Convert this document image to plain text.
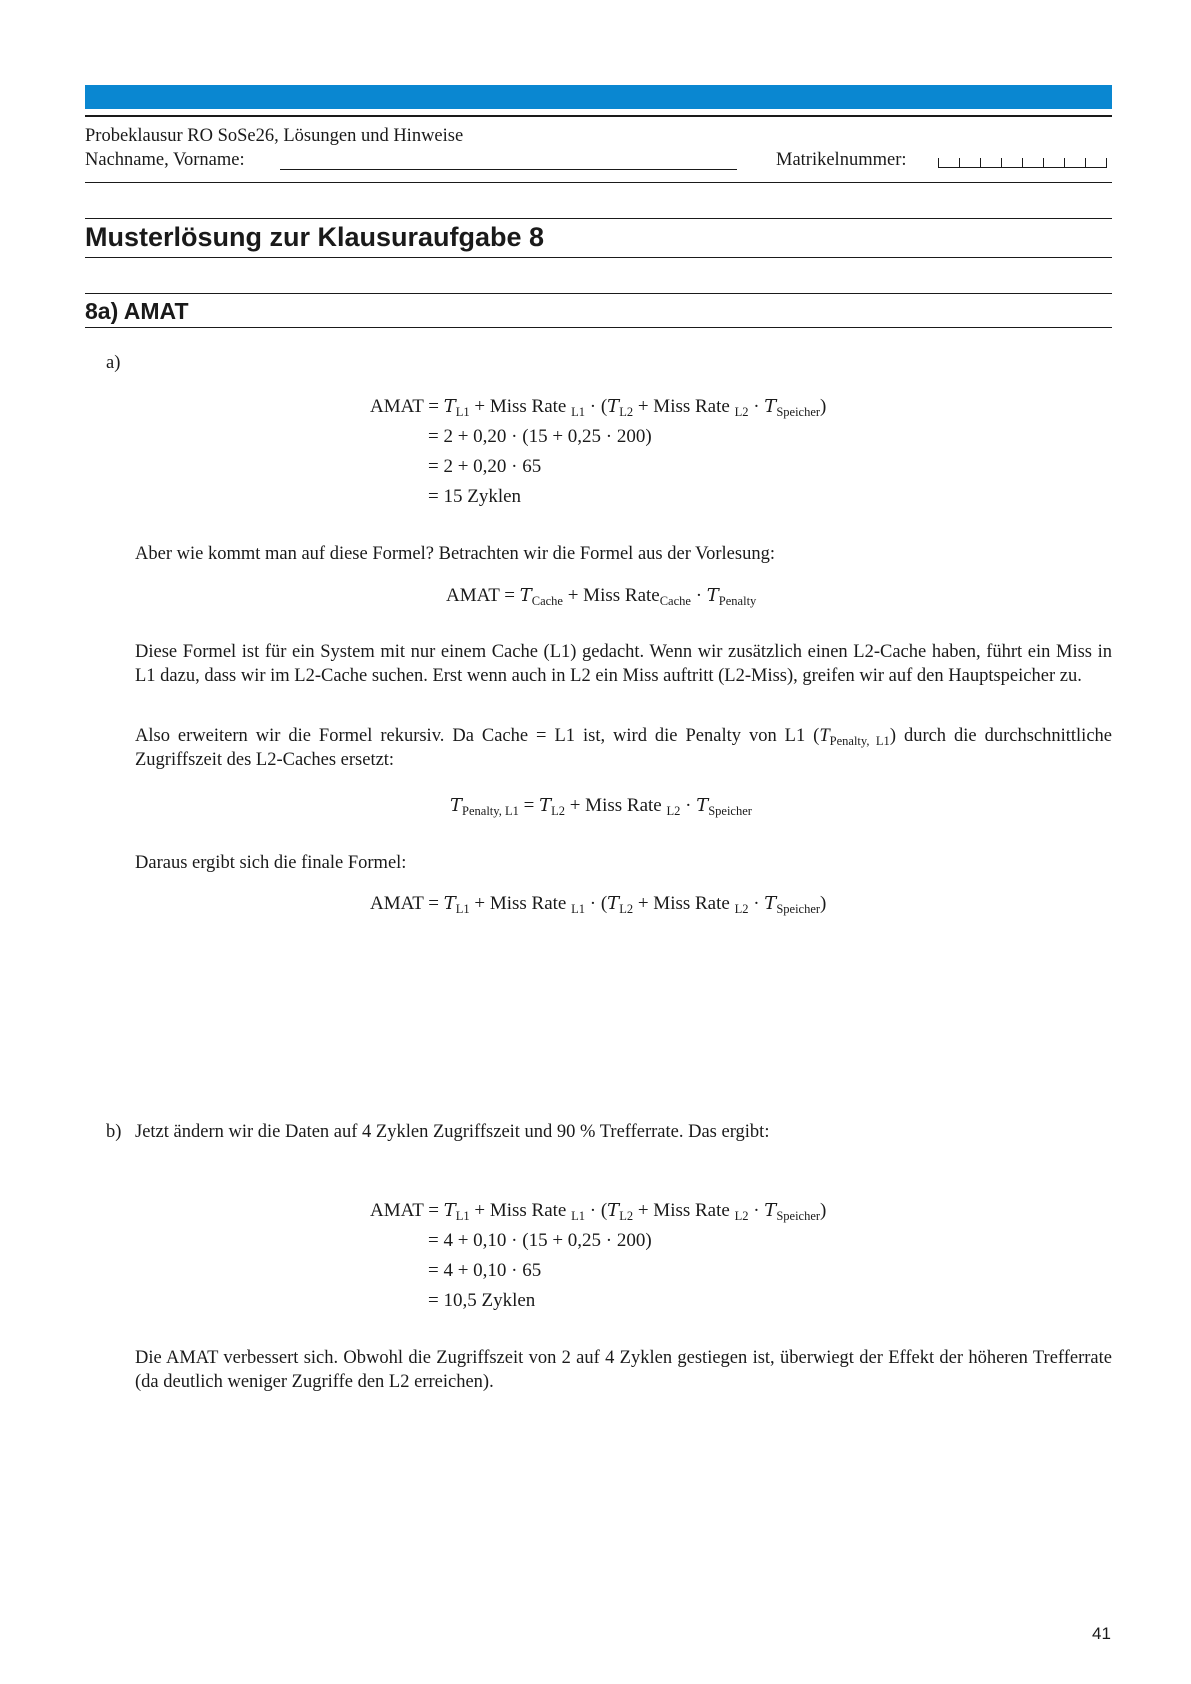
Probeklausur RO SoSe26, Lösungen und Hinweise
Nachname, Vorname:	Matrikelnummer:
Musterlösung zur Klausuraufgabe 8
8a) AMAT
a)
AMAT = $T_{L1}$ + Miss Rate $_{L1} \cdot (T_{L2}$ + Miss Rate $_{L2} \cdot T_{Speicher}$)
= 2 + 0,20 · (15 + 0,25 · 200)
= 2 + 0,20 · 65
= 15 Zyklen
Aber wie kommt man auf diese Formel? Betrachten wir die Formel aus der Vorlesung:
AMAT = $T_{Cache}$ + Miss Rate$_{Cache}$ · $T_{Penalty}$
Diese Formel ist für ein System mit nur einem Cache (L1) gedacht. Wenn wir zusätzlich einen L2-Cache haben, führt ein Miss in L1 dazu, dass wir im L2-Cache suchen. Erst wenn auch in L2 ein Miss auftritt (L2-Miss), greifen wir auf den Hauptspeicher zu.
Also erweitern wir die Formel rekursiv. Da Cache = L1 ist, wird die Penalty von L1 $(T_{Penalty, L1})$ durch die durchschnittliche Zugriffszeit des L2-Caches ersetzt:
$T_{Penalty, L1} = T_{L2}$ + Miss Rate $_{L2} \cdot T_{Speicher}$
Daraus ergibt sich die finale Formel:
AMAT = $T_{L1}$ + Miss Rate $_{L1} \cdot (T_{L2}$ + Miss Rate $_{L2} \cdot T_{Speicher}$)
b) Jetzt ändern wir die Daten auf 4 Zyklen Zugriffszeit und 90 % Trefferrate. Das ergibt:
AMAT = $T_{L1}$ + Miss Rate $_{L1} \cdot (T_{L2}$ + Miss Rate $_{L2} \cdot T_{Speicher}$)
= 4 + 0,10 · (15 + 0,25 · 200)
= 4 + 0,10 · 65
= 10,5 Zyklen
Die AMAT verbessert sich. Obwohl die Zugriffszeit von 2 auf 4 Zyklen gestiegen ist, überwiegt der Effekt der höheren Trefferrate (da deutlich weniger Zugriffe den L2 erreichen).
41
